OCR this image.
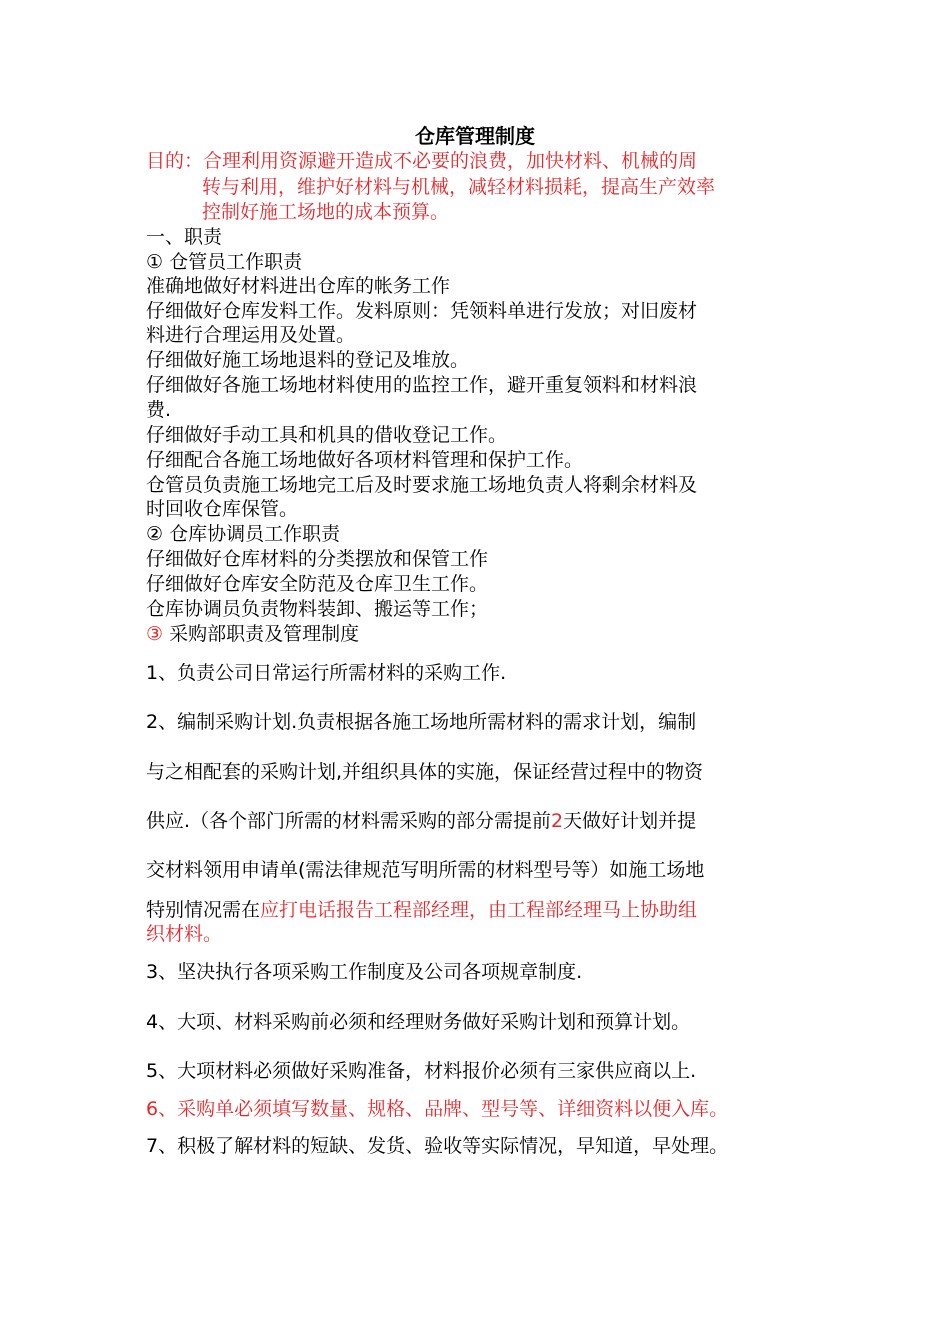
仓库管理制度
目的：合理利用资源避开造成不必要的浪费，加快材料、机械的周
转与利用，维护好材料与机械，减轻材料损耗，提高生产效率
控制好施工场地的成本预算。
一、职责
① 仓管员工作职责
准确地做好材料进出仓库的帐务工作
仔细做好仓库发料工作。发料原则：凭领料单进行发放；对旧废材
料进行合理运用及处置。
仔细做好施工场地退料的登记及堆放。
仔细做好各施工场地材料使用的监控工作，避开重复领料和材料浪
费.
仔细做好手动工具和机具的借收登记工作。
仔细配合各施工场地做好各项材料管理和保护工作。
仓管员负责施工场地完工后及时要求施工场地负责人将剩余材料及
时回收仓库保管。
② 仓库协调员工作职责
仔细做好仓库材料的分类摆放和保管工作
仔细做好仓库安全防范及仓库卫生工作。
仓库协调员负责物料装卸、搬运等工作；
③ 采购部职责及管理制度
1、负责公司日常运行所需材料的采购工作.
2、编制采购计划.负责根据各施工场地所需材料的需求计划，编制
与之相配套的采购计划,并组织具体的实施，保证经营过程中的物资
供应.（各个部门所需的材料需采购的部分需提前2天做好计划并提
交材料领用申请单(需法律规范写明所需的材料型号等）如施工场地
特别情况需在应打电话报告工程部经理，由工程部经理马上协助组
织材料。
3、坚决执行各项采购工作制度及公司各项规章制度.
4、大项、材料采购前必须和经理财务做好采购计划和预算计划。
5、大项材料必须做好采购准备，材料报价必须有三家供应商以上.
6、采购单必须填写数量、规格、品牌、型号等、详细资料以便入库。
7、积极了解材料的短缺、发货、验收等实际情况，早知道，早处理。
